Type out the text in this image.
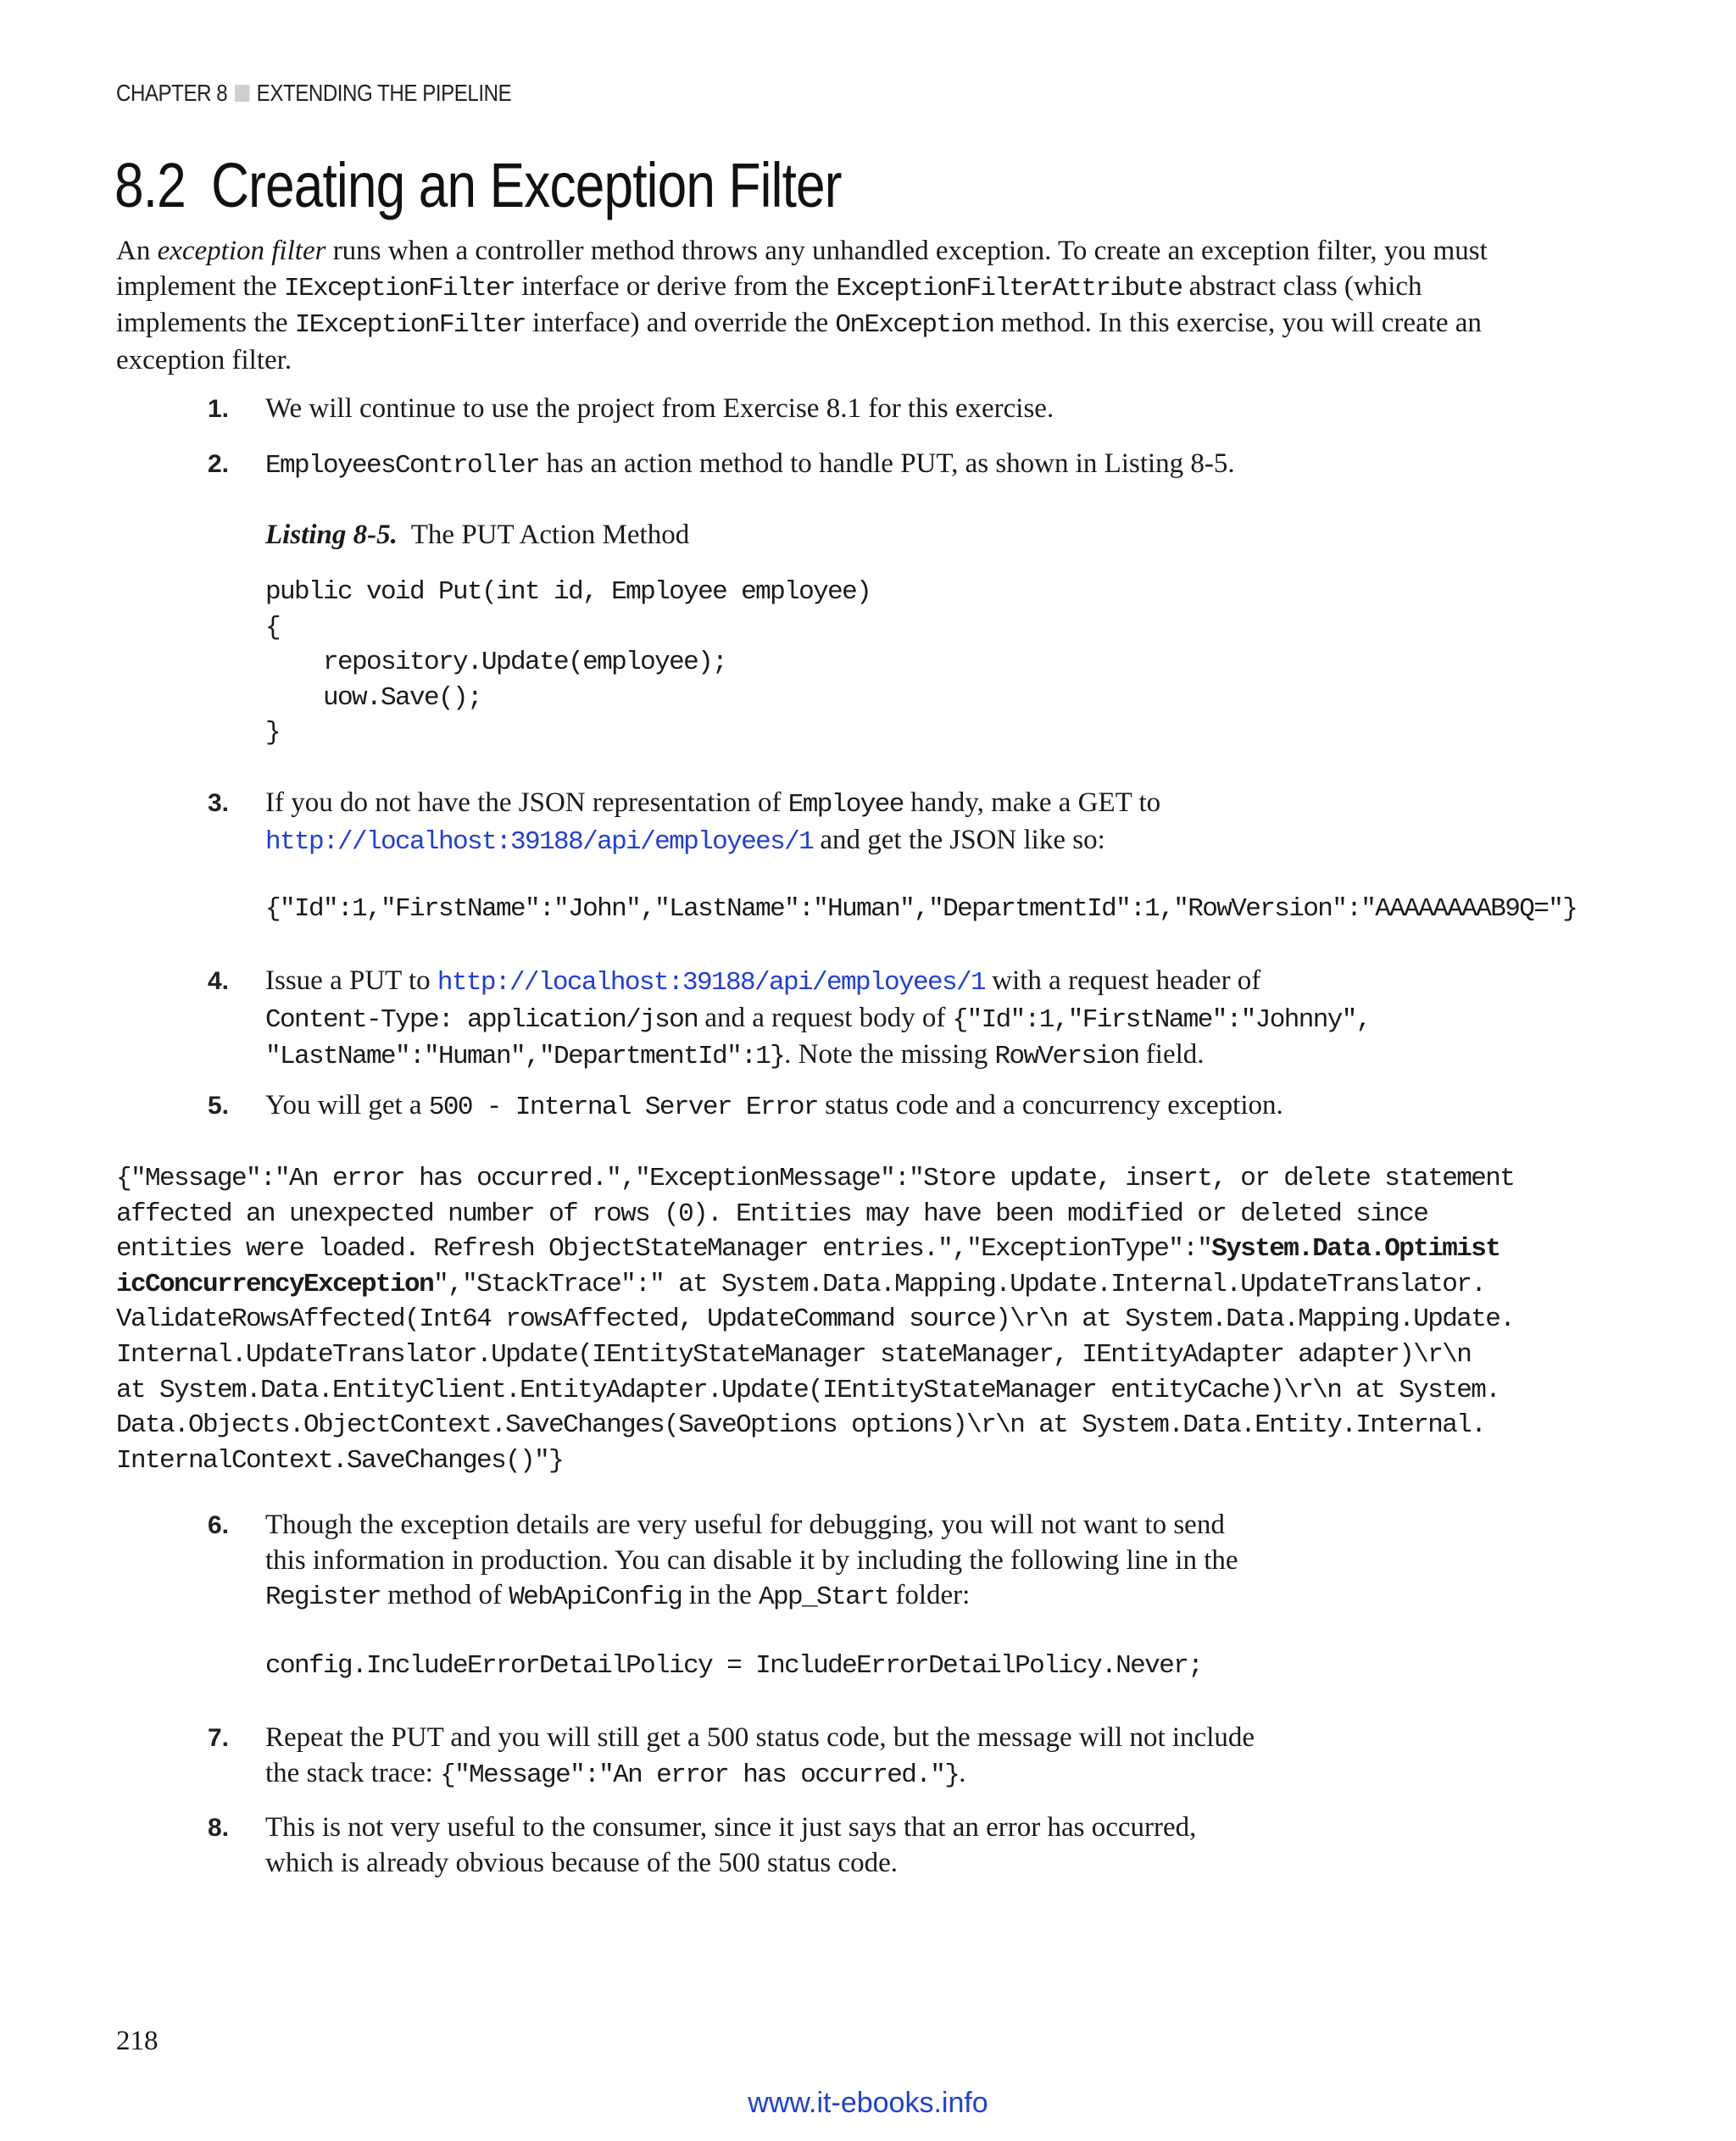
CHAPTER 8 EXTENDING THE PIPELINE
8.2 Creating an Exception Filter

An exception filter runs when a controller method throws any unhandled exception. To create an exception filter, you must implement the IExceptionFilter interface or derive from the ExceptionFilterAttribute abstract class (which implements the IExceptionFilter interface) and override the OnException method. In this exercise, you will create an exception filter.

1. We will continue to use the project from Exercise 8.1 for this exercise.
2. EmployeesController has an action method to handle PUT, as shown in Listing 8-5.
Listing 8-5. The PUT Action Method
public void Put(int id, Employee employee)
{
repository.Update(employee);
uow.Save();
}
3. If you do not have the JSON representation of Employee handy, make a GET to
http://localhost:39188/api/employees/1 and get the JSON like so:
{"Id":1,"FirstName":"John","LastName":"Human","DepartmentId":1,"RowVersion":"AAAAAAAAB9Q="}
4. Issue a PUT to http://localhost:39188/api/employees/1 with a request header of
Content-Type: application/json and a request body of {"Id":1,"FirstName":"Johnny",
"LastName":"Human","DepartmentId":1}. Note the missing RowVersion field.
5. You will get a 500 - Internal Server Error status code and a concurrency exception.
{"Message":"An error has occurred.","ExceptionMessage":"Store update, insert, or delete statement
affected an unexpected number of rows (0). Entities may have been modified or deleted since
entities were loaded. Refresh ObjectStateManager entries.","ExceptionType":"System.Data.Optimist
icConcurrencyException","StackTrace":" at System.Data.Mapping.Update.Internal.UpdateTranslator.
ValidateRowsAffected(Int64 rowsAffected, UpdateCommand source)\r\n at System.Data.Mapping.Update.
Internal.UpdateTranslator.Update(IEntityStateManager stateManager, IEntityAdapter adapter)\r\n
at System.Data.EntityClient.EntityAdapter.Update(IEntityStateManager entityCache)\r\n at System.
Data.Objects.ObjectContext.SaveChanges(SaveOptions options)\r\n at System.Data.Entity.Internal.
InternalContext.SaveChanges()"}
6. Though the exception details are very useful for debugging, you will not want to send
this information in production. You can disable it by including the following line in the
Register method of WebApiConfig in the App_Start folder:
config.IncludeErrorDetailPolicy = IncludeErrorDetailPolicy.Never;
7. Repeat the PUT and you will still get a 500 status code, but the message will not include
the stack trace: {"Message":"An error has occurred."}.
8. This is not very useful to the consumer, since it just says that an error has occurred,
which is already obvious because of the 500 status code.
218
www.it-ebooks.info
